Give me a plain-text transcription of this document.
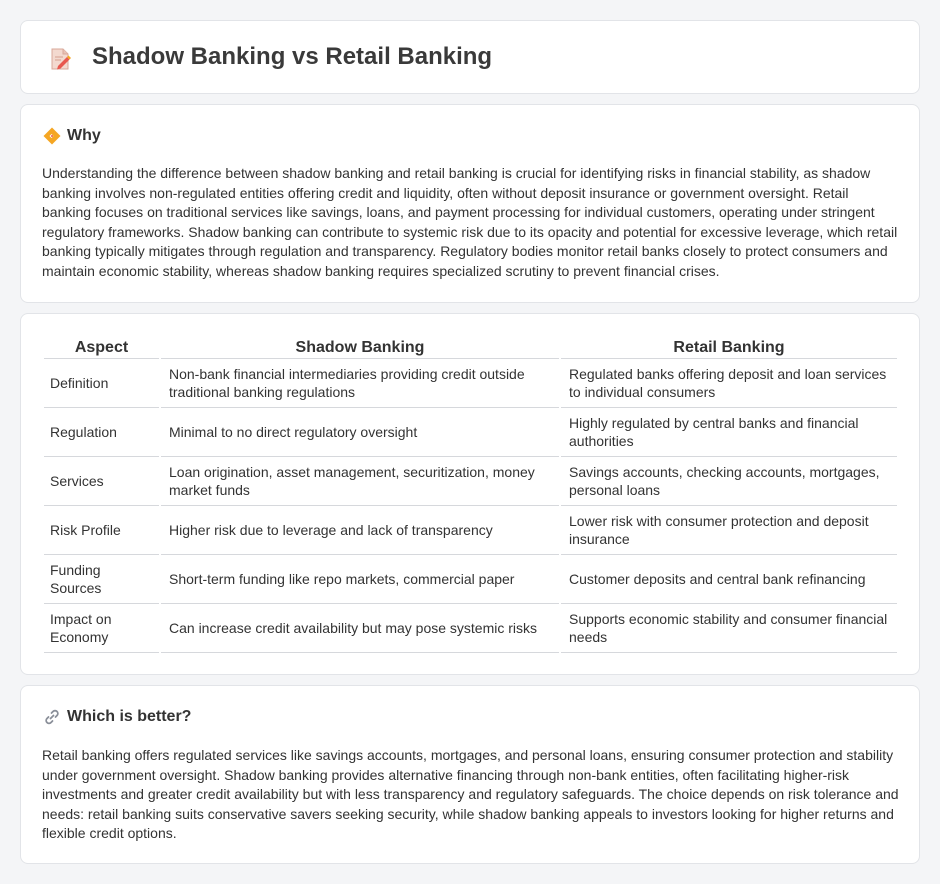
Shadow Banking vs Retail Banking
Why

Understanding the difference between shadow banking and retail banking is crucial for identifying risks in financial stability, as shadow banking involves non-regulated entities offering credit and liquidity, often without deposit insurance or government oversight. Retail banking focuses on traditional services like savings, loans, and payment processing for individual customers, operating under stringent regulatory frameworks. Shadow banking can contribute to systemic risk due to its opacity and potential for excessive leverage, which retail banking typically mitigates through regulation and transparency. Regulatory bodies monitor retail banks closely to protect consumers and maintain economic stability, whereas shadow banking requires specialized scrutiny to prevent financial crises.

Aspect	Shadow Banking	Retail Banking
Definition	Non-bank financial intermediaries providing credit outside traditional banking regulations	Regulated banks offering deposit and loan services to individual consumers
Regulation	Minimal to no direct regulatory oversight	Highly regulated by central banks and financial authorities
Services	Loan origination, asset management, securitization, money market funds	Savings accounts, checking accounts, mortgages, personal loans
Risk Profile	Higher risk due to leverage and lack of transparency	Lower risk with consumer protection and deposit insurance
Funding Sources	Short-term funding like repo markets, commercial paper	Customer deposits and central bank refinancing
Impact on Economy	Can increase credit availability but may pose systemic risks	Supports economic stability and consumer financial needs
Which is better?

Retail banking offers regulated services like savings accounts, mortgages, and personal loans, ensuring consumer protection and stability under government oversight. Shadow banking provides alternative financing through non-bank entities, often facilitating higher-risk investments and greater credit availability but with less transparency and regulatory safeguards. The choice depends on risk tolerance and needs: retail banking suits conservative savers seeking security, while shadow banking appeals to investors looking for higher returns and flexible credit options.
